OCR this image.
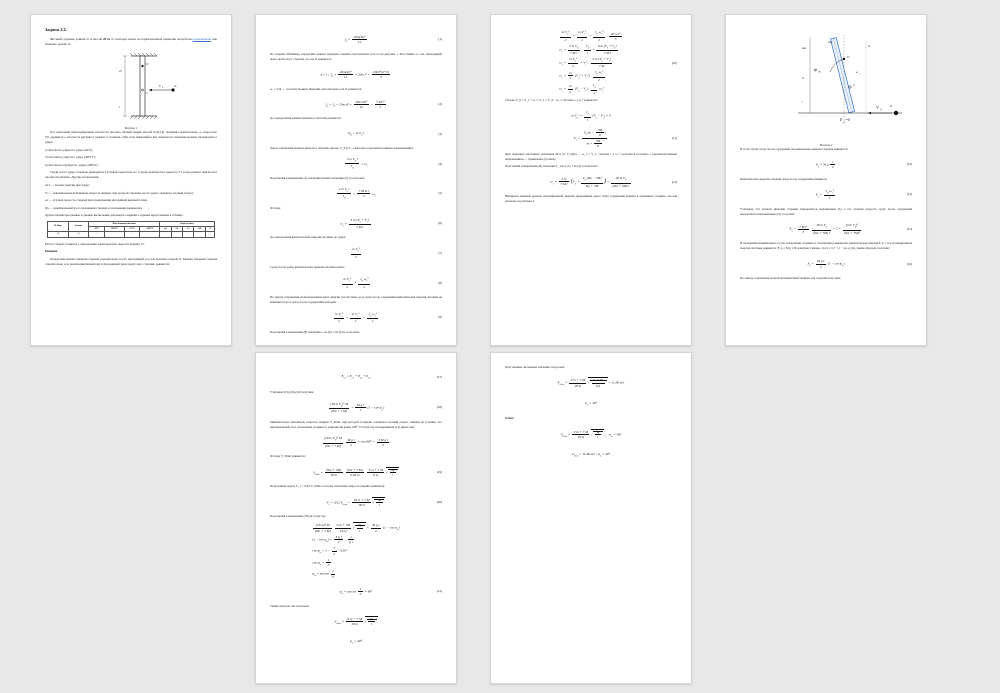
Задача 2.1.

Жесткий стержень длиной 4·l и массой 20·m, от свободно может на горизонтальной прямолин опорой как подвешенный, как показано задачи. Jz.

V 0	m
2l
l
O
C
Рисунок 1

Ось крепления перпендикулярна плоскости рисунка. Малый шарик массой m·(0,1)n, летящий горизонтально со скоростью V0, ударяется о плоскость рисунка и ударяет в стержень. При этом имеющийся вне энергии на стержнем момент производить в ударе:

a) абсолютно упругого удара (АУУ);

б) абсолютно упругого удара (АНУУ);

в) абсолютно неупругого удара (АНУУ).

Среди тел/за ударе стержень приходится в угловой скоростью ω1, в ударе приобретает скорость V1 и продолжает двигаться в плоскости рисунка. Другие обозначения:

Δ12 — потери энергии при ударе;

Vc — максимальная мгновенная скорость шарика, при которой стержень после удара совершает полный оборот;

ωс — угловая скорость стержня при превращении им крайней верхней точки;

Qx — максимальный угол отклонения стержня от положения равновесия.

Другие параметры данные и данные вычисления для каждого варианта задания представлены в таблице.

№ Вар.	Задача	Вид взаимодействия				Определить				
		АУУ	АНУУ	АУУ	АНУУ	ω1	V1	Vc	ΔЕ	Δ
16	2.1	-	+	-	-	+	+	+	+	+

Расчет следует начинать с определения характеристик скорости шарика Vс.

Решение.

Определим момент инерции стержня относительно оси O, проходящей ось, как показано опорой Jz. Момент инерции стержня относительно оси, перпендикулярной ему и проходящей через центр масс стержня, равняется:

$J_C = \frac{\text{20m(4l)²}}{12}$	(1)

По теореме Штейнера определим момент инерции стержня относительно оси O, на рисунке 1. Расстояние от оси, проходящей через центр масс стержня, до оси O равняется:

d = l ; $J_O = \frac{\text{20m(4l)²}}{12} + 20m$ $l^2 = \frac{\text{20ml²(4+3)}}{3}$

ω₁ = d/dt ... , поэтому момент инерции относительно оси O равняется:

$J_O = J_C + 20m\cdot d^2 = \frac{\text{20m·16l²}}{12} + \frac{\text{7 M l²}}{3}$	(2)

До определения момент импульса системы равняется:

$Q_O = m$ $V_0$ l	(3)

Закон сохранения момент импульса системы (проек. V_0 и V_1 векторы в противоположных направлениях):

$\frac{2 m V_0 l}{J_O} = \omega_1$
(4)

Подставляя в выражение (4) значения момента инерции (2) и получаем:

$\frac{2 m V_0 l}{J_O} = \frac{\text{7 M m l}}{3} \omega_1$
(5)

Отсюда:

$\omega_1 = \frac{3 m (V_0 + V_1)}{\text{7 M l}}$	(6)

До определения кинетической энергии системы до удара:

$\frac{m V_0^2}{2}$	(7)

Сразу после удара кинетическая энергия системы равна:

$\frac{m V_1^2}{2} + \frac{J_O \omega_1^2}{2}$	(8)

По закону сохранения полной механической энергии для системы до и сразу после соударения (кинетическая энергия системы не изменяется до и сразу после соударения) находим:

$\frac{m V_0^2}{2} = \frac{m V_1^2}{2} + \frac{J_O \omega_1^2}{2}$	(9)

Подставляя в выражение (8) значения ω₁ из (6), J из (2) и, получаем:

$\frac{m V_0^2}{2} = \frac{m V_1^2}{2} + \frac{J_O \omega_1^2}{2}$ , $\frac{\text{20 m l²}}{3}$
$\omega_1 = \frac{3 m V_0}{\text{7 M l}}$ , $\frac{V_0}{l} = \frac{9 m (V_0 + V_1)}{\text{7 M l}}$
$\omega_1 = \frac{m V_0^2}{2} + V_1^2$ , $\frac{3 m (V_0 + V_1)}{7 M}$
$\omega_1 = \frac{m}{2} (V_0^2 + V_1^2)$ , $\frac{J_O \omega_1^2}{2}$
$\omega_1 = \frac{m}{2} (V_0 - V_1)$ , $\frac{J_O}{2} \omega_1^2$
(10)

Так как V_0 = V_1 + ω₁·l, V_1 = V_0 − ω₁·l, система J_z ω₁² равняется:

m $V_0$ $l = \frac{J_O}{l} (V_0 - V_1) = 0$
$V_1 = \frac{V_0 (m - \frac{7M}{9} )}{m + \frac{7M}{9}}$	(11)

При заданных численных значениях M и m: V_0(m) → ω_1 = V_1, система J_z ω₁², получится поэтапно с противоположным направлением — правильное (точное).

Подставляя в выражение (6) значения V_1 из (11), J из (2) и получаем:

$\omega_1 = \frac{3 m}{\text{7 M l}} (V_0 + \frac{V_0 (9m - 7M)}{9m + 7M}$ ) = $\frac{18 m V_0}{(9m + 7M) l}$	(12)

Выбираем нужный уровень потенциальной энергии проводящем через точку соударения шарика в оказавшем стержне, так как показано на рисунке 2.

φ m
O
C
E p =0
V
0
m
max
2l
l
4l
max
ω
1
Рисунок 2

В этом случае сразу после соударения потенциальная энергия стержня равняется:

$E_p = M$ g $\frac{l}{2}$	(13)

Кинетическая энергия стержня сразу после соударения равняется:

$E_k = \frac{J_O \omega_1^2}{2}$	(14)

Учитывая, что момент инерции стержня определяется выражением (2), а его угловая скорость сразу после соударения определяется выражением (12), получим:

$E_k = \frac{\text{7 M l²}}{3}$
$\frac{18 m V_0}{(9m + 7M) l} \div 2 = \frac{(9 m V_0)^2}{\text{(9m + 7M)²}}$	(15)

В положении максимального угла отклонения стержня от положения равновесия, кинетическая энергия E_k = 0 и потенциальная энергия системы равняется: E_p = M g l. Из рисунка 2 видно, что h = l/2 · (1 − cos φ_m), таким образом, получим:

$E_p = \frac{\text{M g l}}{2} (1 - \cos \varphi_m)$	(16)

По закону сохранения полной механической энергии для стержня получаем:

$E_{k1} = E_{p1} + E_{p2} + E_{k2}$	(17)

Учитывая (15),(16),(16) получим:

$\frac{(18 m V_0)^2 M}{(9m + 7 M)} = \frac{\text{M g l}}{2} (1 - \cos \varphi_m)$	(18)

Минимальную начальную скорость шарика V_0min, при которой стержень совершает полный оборот, найдём из условия, что максимальный угол отклонения стержня от равновесия равен 180°. И тогда спустя выражения (12) имеет вид:

$\frac{(18 m V_0)^2 M}{(9m + 7 M)}$
$\frac{\text{M g l}}{2} \div \cos 180^\circ = \frac{\text{3 M g l}}{2}$

Отсюда V_0min равняется:

$V_{0min} = \frac{(9m + 7M)}{18 m}$
$\frac{(9m + 7 M)}{2,28 m}$
$\frac{3 m + 7 M}{9 m}$ √ $\frac{3g}{l}$
	(19)

Полученная задача V_1 = 0,92·V_0min, поэтому начальная скорость шарика равняется:

$V_0 = 0,92$ $V_{0min} = \frac{18 m + 7 M}{18 m}$ √ $\frac{3g}{l}$
	(20)

Подставляя в выражение (18) её тогда так:

$\frac{\text{(18 m)² M}}{(9m + 7 M)}$
$\frac{9 m + 7M}{18 m}$ √ $\frac{3g}{l} = \frac{\text{M g l}}{2} (1 - \cos \varphi_m)$
$(1 - \cos \varphi_m) = \frac{\text{3 g l}}{2} \cdot \frac{1}{\text{g l}}$
$\cos \varphi_m = 1 - \frac{3}{2} \cdot 0,92^2$
$\cos \varphi_m = \frac{1}{3}$
$\varphi_m = \arccos \frac{1}{3}$
$\varphi_m = \arccos \frac{1}{3} = 48^\circ$	(21)

Таким образом, мы получаем:

$V_{0min} = \frac{9 m + 7 M}{18 m}$ √ $\frac{3g}{l}$

$\varphi_m = 48^\circ$

Подставляем численные значения, получаем:

$V_{0min} = \frac{9 m + 7 M}{18 m}$ √ $\frac{3 \cdot 9,81}{0,4} = 11,48$ м/с
$\varphi_m = 48^\circ$

Ответ:

$V_{0min} = \frac{9 m + 7 M}{18 m}$ √ $\frac{3g}{l}$ ;    $\varphi_m = 48^\circ$
$V_{0min} = 11,48$ м/с ; $\varphi_m = 48^\circ$
